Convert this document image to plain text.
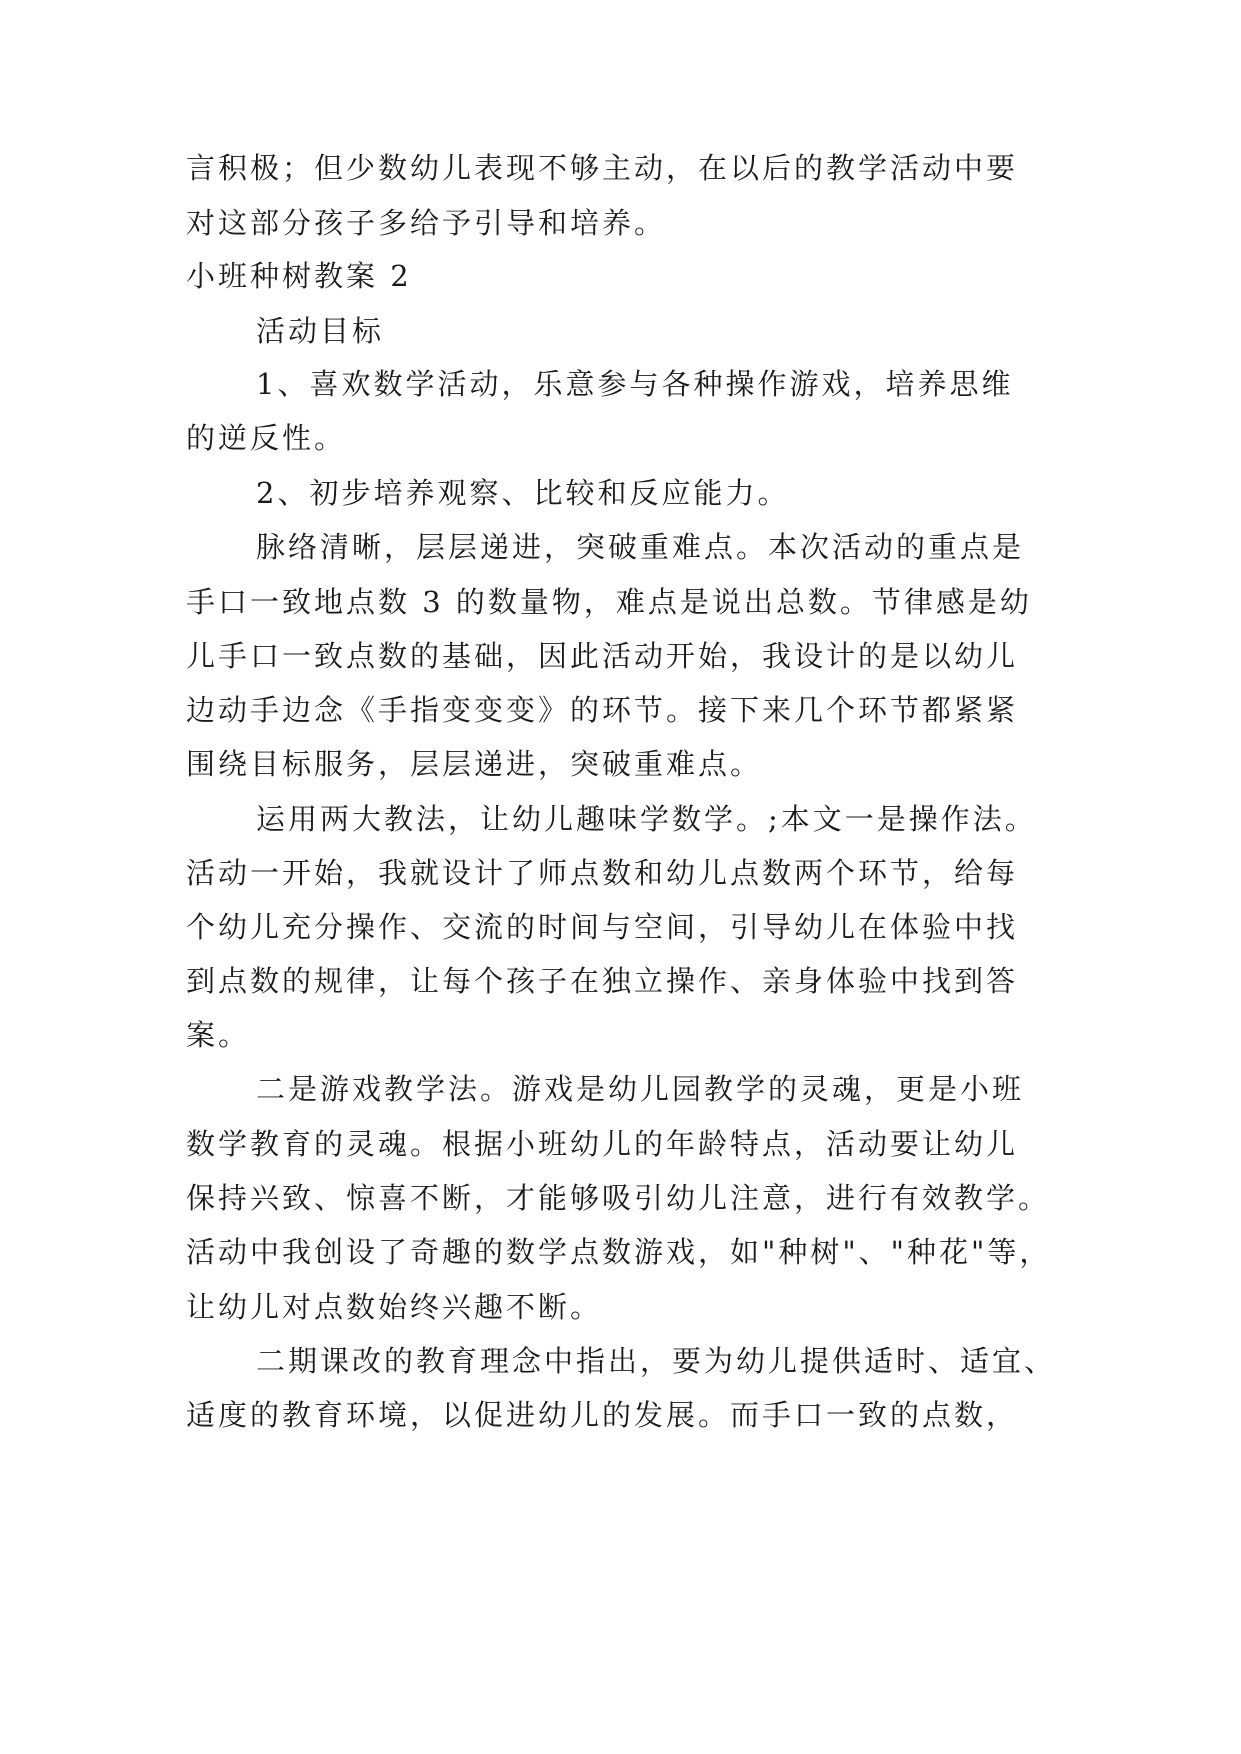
言积极；但少数幼儿表现不够主动，在以后的教学活动中要
对这部分孩子多给予引导和培养。
小班种树教案 2
活动目标
1、喜欢数学活动，乐意参与各种操作游戏，培养思维
的逆反性。
2、初步培养观察、比较和反应能力。
脉络清晰，层层递进，突破重难点。本次活动的重点是
手口一致地点数 3 的数量物，难点是说出总数。节律感是幼
儿手口一致点数的基础，因此活动开始，我设计的是以幼儿
边动手边念《手指变变变》的环节。接下来几个环节都紧紧
围绕目标服务，层层递进，突破重难点。
运用两大教法，让幼儿趣味学数学。;本文一是操作法。
活动一开始，我就设计了师点数和幼儿点数两个环节，给每
个幼儿充分操作、交流的时间与空间，引导幼儿在体验中找
到点数的规律，让每个孩子在独立操作、亲身体验中找到答
案。
二是游戏教学法。游戏是幼儿园教学的灵魂，更是小班
数学教育的灵魂。根据小班幼儿的年龄特点，活动要让幼儿
保持兴致、惊喜不断，才能够吸引幼儿注意，进行有效教学。
活动中我创设了奇趣的数学点数游戏，如"种树"、"种花"等，
让幼儿对点数始终兴趣不断。
二期课改的教育理念中指出，要为幼儿提供适时、适宜、
适度的教育环境，以促进幼儿的发展。而手口一致的点数，
